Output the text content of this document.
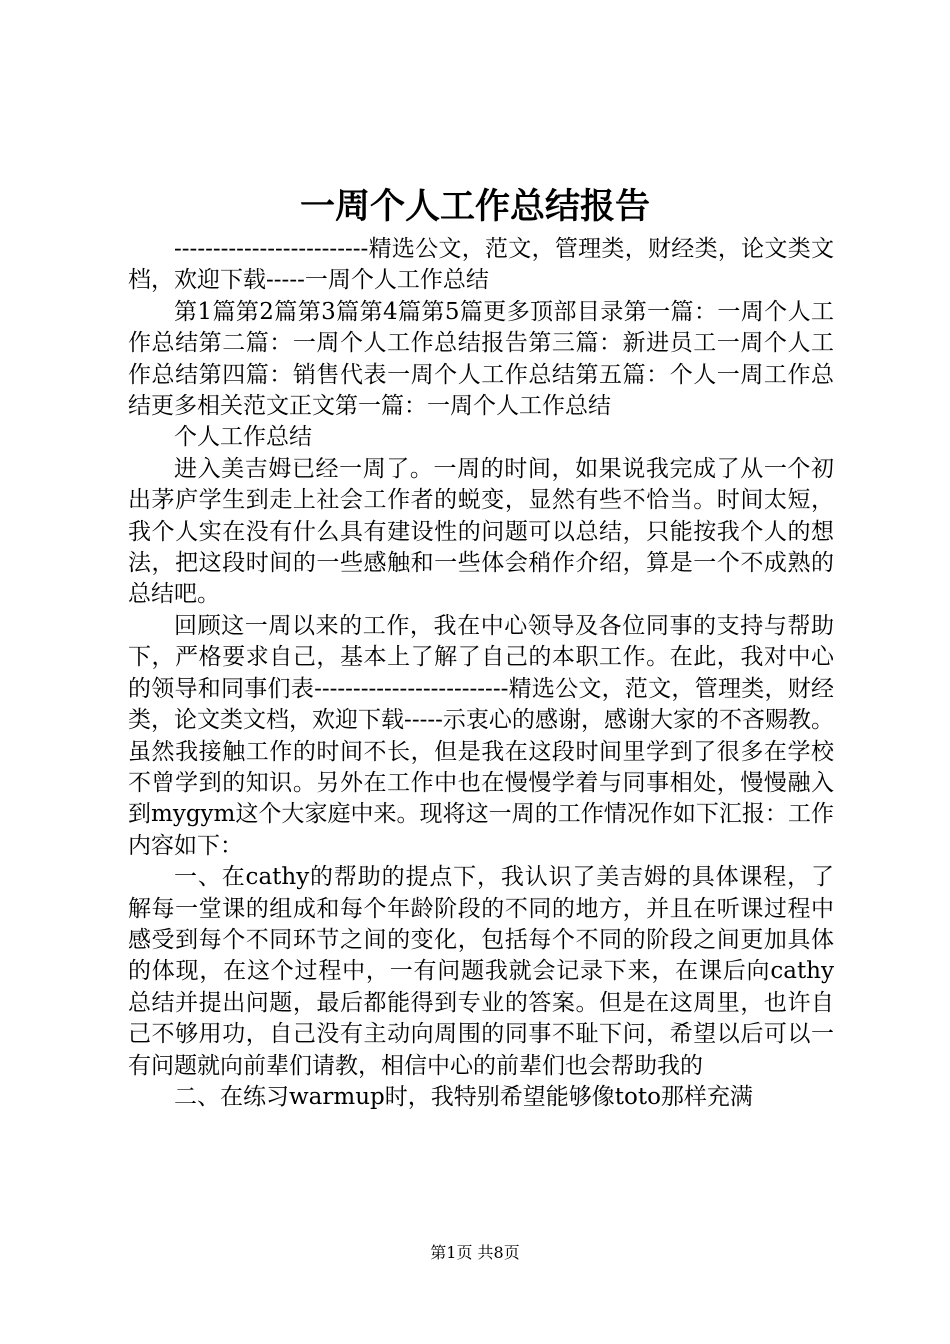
一周个人工作总结报告

-------------------------精选公文，范文，管理类，财经类，论文类文档，欢迎下载-----一周个人工作总结

第1篇第2篇第3篇第4篇第5篇更多顶部目录第一篇：一周个人工作总结第二篇：一周个人工作总结报告第三篇：新进员工一周个人工作总结第四篇：销售代表一周个人工作总结第五篇：个人一周工作总结更多相关范文正文第一篇：一周个人工作总结

个人工作总结

进入美吉姆已经一周了。一周的时间，如果说我完成了从一个初出茅庐学生到走上社会工作者的蜕变，显然有些不恰当。时间太短，我个人实在没有什么具有建设性的问题可以总结，只能按我个人的想法，把这段时间的一些感触和一些体会稍作介绍，算是一个不成熟的总结吧。

回顾这一周以来的工作，我在中心领导及各位同事的支持与帮助下，严格要求自己，基本上了解了自己的本职工作。在此，我对中心的领导和同事们表-------------------------精选公文，范文，管理类，财经类，论文类文档，欢迎下载-----示衷心的感谢，感谢大家的不吝赐教。虽然我接触工作的时间不长，但是我在这段时间里学到了很多在学校不曾学到的知识。另外在工作中也在慢慢学着与同事相处，慢慢融入到mygym这个大家庭中来。现将这一周的工作情况作如下汇报：工作内容如下：

一、在cathy的帮助的提点下，我认识了美吉姆的具体课程，了解每一堂课的组成和每个年龄阶段的不同的地方，并且在听课过程中感受到每个不同环节之间的变化，包括每个不同的阶段之间更加具体的体现，在这个过程中，一有问题我就会记录下来，在课后向cathy总结并提出问题，最后都能得到专业的答案。但是在这周里，也许自己不够用功，自己没有主动向周围的同事不耻下问，希望以后可以一有问题就向前辈们请教，相信中心的前辈们也会帮助我的

二、在练习warmup时，我特别希望能够像toto那样充满

第1页 共8页
